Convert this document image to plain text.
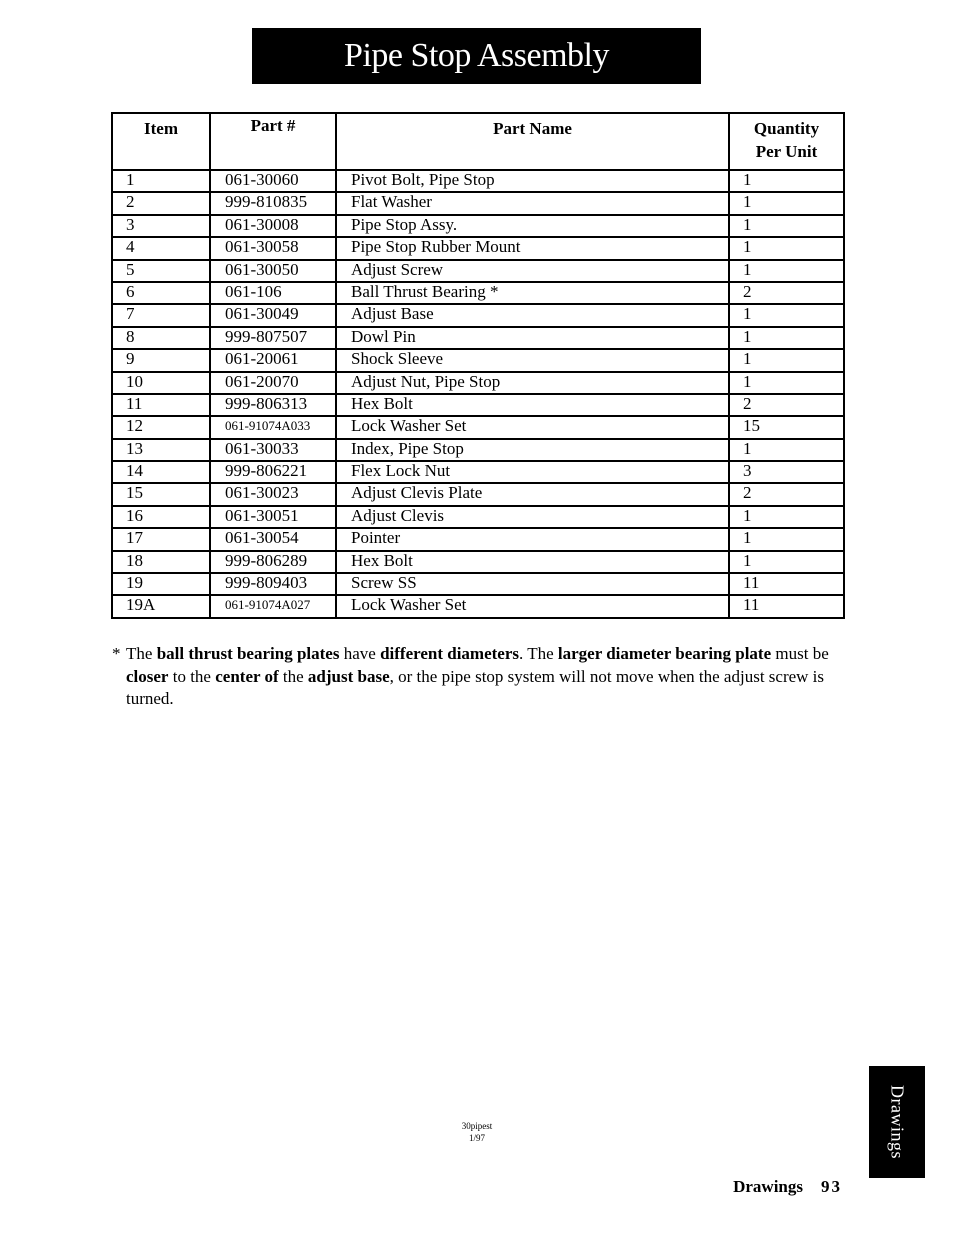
Pipe Stop Assembly
Item	Part #	Part Name	Quantity
Per Unit

1	061-30060	Pivot Bolt, Pipe Stop	1
2	999-810835	Flat Washer	1
3	061-30008	Pipe Stop Assy.	1
4	061-30058	Pipe Stop Rubber Mount	1
5	061-30050	Adjust Screw	1
6	061-106	Ball Thrust Bearing *	2
7	061-30049	Adjust Base	1
8	999-807507	Dowl Pin	1
9	061-20061	Shock Sleeve	1
10	061-20070	Adjust Nut, Pipe Stop	1
11	999-806313	Hex Bolt	2
12	061-91074A033	Lock Washer Set	15
13	061-30033	Index, Pipe Stop	1
14	999-806221	Flex Lock Nut	3
15	061-30023	Adjust Clevis Plate	2
16	061-30051	Adjust Clevis	1
17	061-30054	Pointer	1
18	999-806289	Hex Bolt	1
19	999-809403	Screw SS	11
19A	061-91074A027	Lock Washer Set	11
* The ball thrust bearing plates have different diameters. The larger diameter bearing plate must be closer to the center of the adjust base, or the pipe stop system will not move when the adjust screw is turned.
30pipest
1/97
Drawings 93
Drawings
